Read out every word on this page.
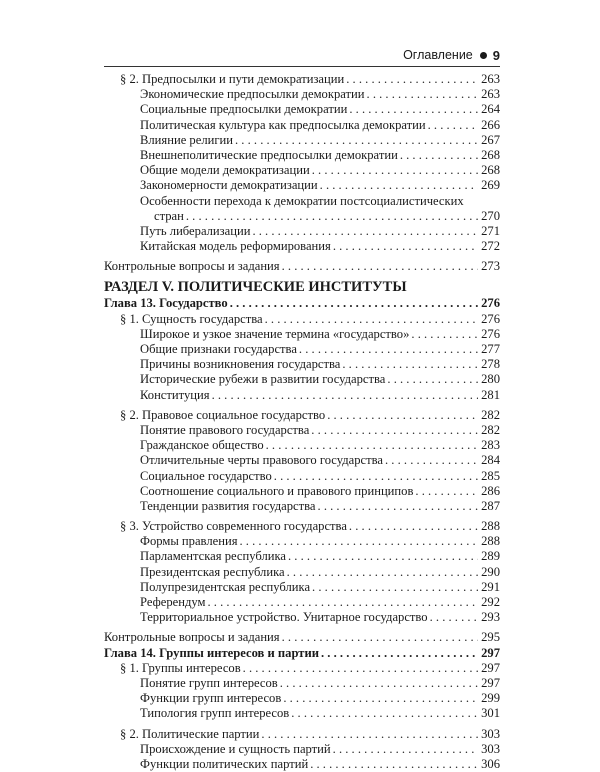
Оглавление 9
§ 2. Предпосылки и пути демократизации . . .	263
Экономические предпосылки демократии . . .	263
Социальные предпосылки демократии . . .	264
Политическая культура как предпосылка демократии . . .	266
Влияние религии . . .	267
Внешнеполитические предпосылки демократии . . .	268
Общие модели демократизации . . .	268
Закономерности демократизации . . .	269
Особенности перехода к демократии постсоциалистических
стран . . .	270
Путь либерализации . . .	271
Китайская модель реформирования . . .	272
Контрольные вопросы и задания . . .	273
РАЗДЕЛ V. ПОЛИТИЧЕСКИЕ ИНСТИТУТЫ
Глава 13. Государство . . .	276
§ 1. Сущность государства . . .	276
Широкое и узкое значение термина «государство» . . .	276
Общие признаки государства . . .	277
Причины возникновения государства . . .	278
Исторические рубежи в развитии государства . . .	280
Конституция . . .	281
§ 2. Правовое социальное государство . . .	282
Понятие правового государства . . .	282
Гражданское общество . . .	283
Отличительные черты правового государства . . .	284
Социальное государство . . .	285
Соотношение социального и правового принципов . . .	286
Тенденции развития государства . . .	287
§ 3. Устройство современного государства . . .	288
Формы правления . . .	288
Парламентская республика . . .	289
Президентская республика . . .	290
Полупрезидентская республика . . .	291
Референдум . . .	292
Территориальное устройство. Унитарное государство . . .	293
Контрольные вопросы и задания . . .	295
Глава 14. Группы интересов и партии . . .	297
§ 1. Группы интересов . . .	297
Понятие групп интересов . . .	297
Функции групп интересов . . .	299
Типология групп интересов . . .	301
§ 2. Политические партии . . .	303
Происхождение и сущность партий . . .	303
Функции политических партий . . .	306
